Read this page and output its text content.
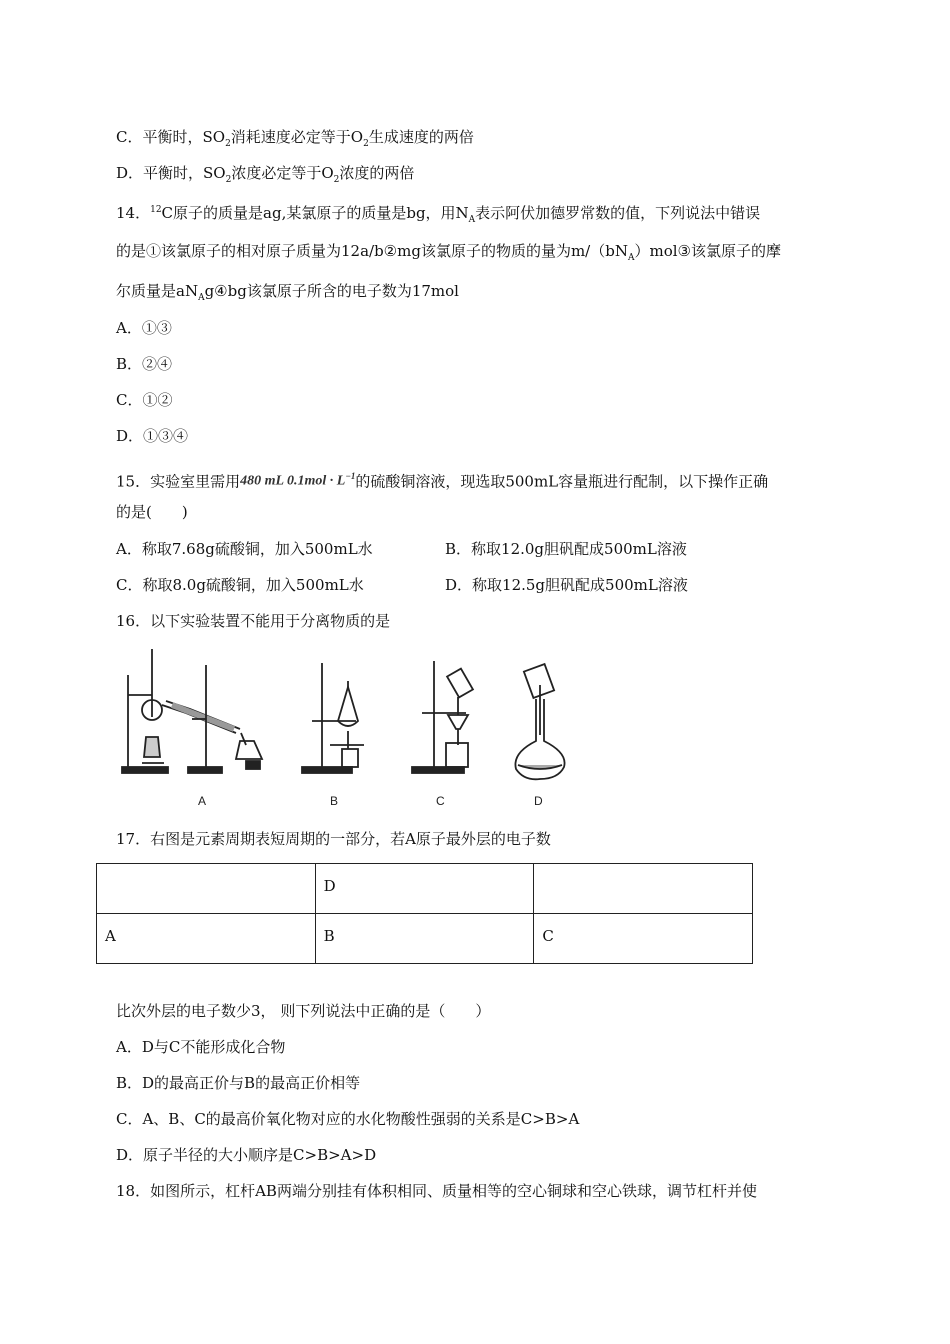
C．平衡时，$SO_2$消耗速度必定等于$O_2$生成速度的两倍
D．平衡时，$SO_2$浓度必定等于$O_2$浓度的两倍
14．$^{12}$C原子的质量是ag,某氯原子的质量是bg，用$N_A$表示阿伏加德罗常数的值，下列说法中错误
的是①该氯原子的相对原子质量为12a/b②mg该氯原子的物质的量为$m/(bN_A)mol③$该氯原子的摩
尔质量是$aN_Ag④bg$该氯原子所含的电子数为17mol
A．①③
B．②④
C．①②
D．①③④
15．实验室里需用480 mL $0.1mol \cdot L^{-1}$的硫酸铜溶液，现选取500mL容量瓶进行配制，以下操作正确
的是(　　)
A．称取7.68g硫酸铜，加入500mL水	B．称取12.0g胆矾配成500mL溶液
C．称取8.0g硫酸铜，加入500mL水	D．称取12.5g胆矾配成500mL溶液
16．以下实验装置不能用于分离物质的是
A	B	C	D
17．右图是元素周期表短周期的一部分，若A原子最外层的电子数
	D	
A	B	C
比次外层的电子数少3， 则下列说法中正确的是（　　）
A．D与C不能形成化合物
B．D的最高正价与B的最高正价相等
C．A、B、C的最高价氧化物对应的水化物酸性强弱的关系是C>B>A
D．原子半径的大小顺序是C>B>A>D
18．如图所示，杠杆AB两端分别挂有体积相同、质量相等的空心铜球和空心铁球，调节杠杆并使
